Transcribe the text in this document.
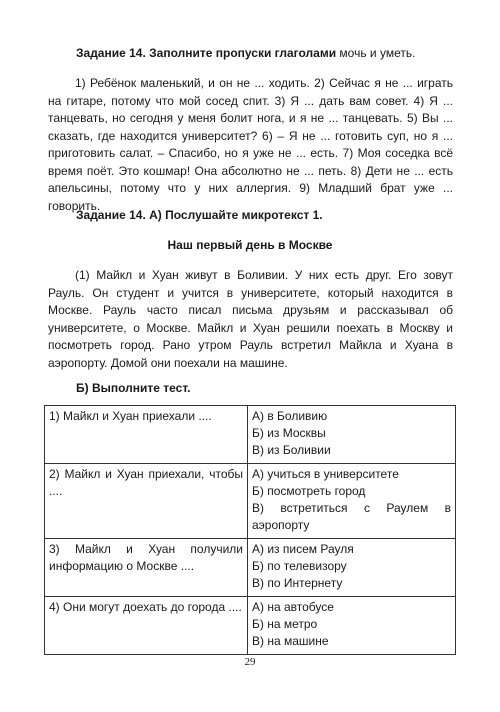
Задание 14. Заполните пропуски глаголами мочь и уметь.

1) Ребёнок маленький, и он не ... ходить. 2) Сейчас я не ... играть на гитаре, потому что мой сосед спит. 3) Я ... дать вам совет. 4) Я ... танцевать, но сегодня у меня болит нога, и я не ... танцевать. 5) Вы ... сказать, где находится университет? 6) – Я не ... готовить суп, но я ... приготовить салат. – Спасибо, но я уже не ... есть. 7) Моя соседка всё время поёт. Это кошмар! Она абсолютно не ... петь. 8) Дети не ... есть апельсины, потому что у них аллергия. 9) Младший брат уже ... говорить.

Задание 14. А) Послушайте микротекст 1.
Наш первый день в Москве

(1) Майкл и Хуан живут в Боливии. У них есть друг. Его зовут Рауль. Он студент и учится в университете, который находится в Москве. Рауль часто писал письма друзьям и рассказывал об университете, о Москве. Майкл и Хуан решили поехать в Москву и посмотреть город. Рано утром Рауль встретил Майкла и Хуана в аэропорту. Домой они поехали на машине.

Б) Выполните тест.
1) Майкл и Хуан приехали ....	А) в Боливию
Б) из Москвы
В) из Боливии

2) Майкл и Хуан приехали, чтобы ....	А) учиться в университете
Б) посмотреть город
В) встретиться с Раулем в аэропорту

3) Майкл и Хуан получили информацию о Москве ....	А) из писем Рауля
Б) по телевизору
В) по Интернету

4) Они могут доехать до города ....	А) на автобусе
Б) на метро
В) на машине
29
